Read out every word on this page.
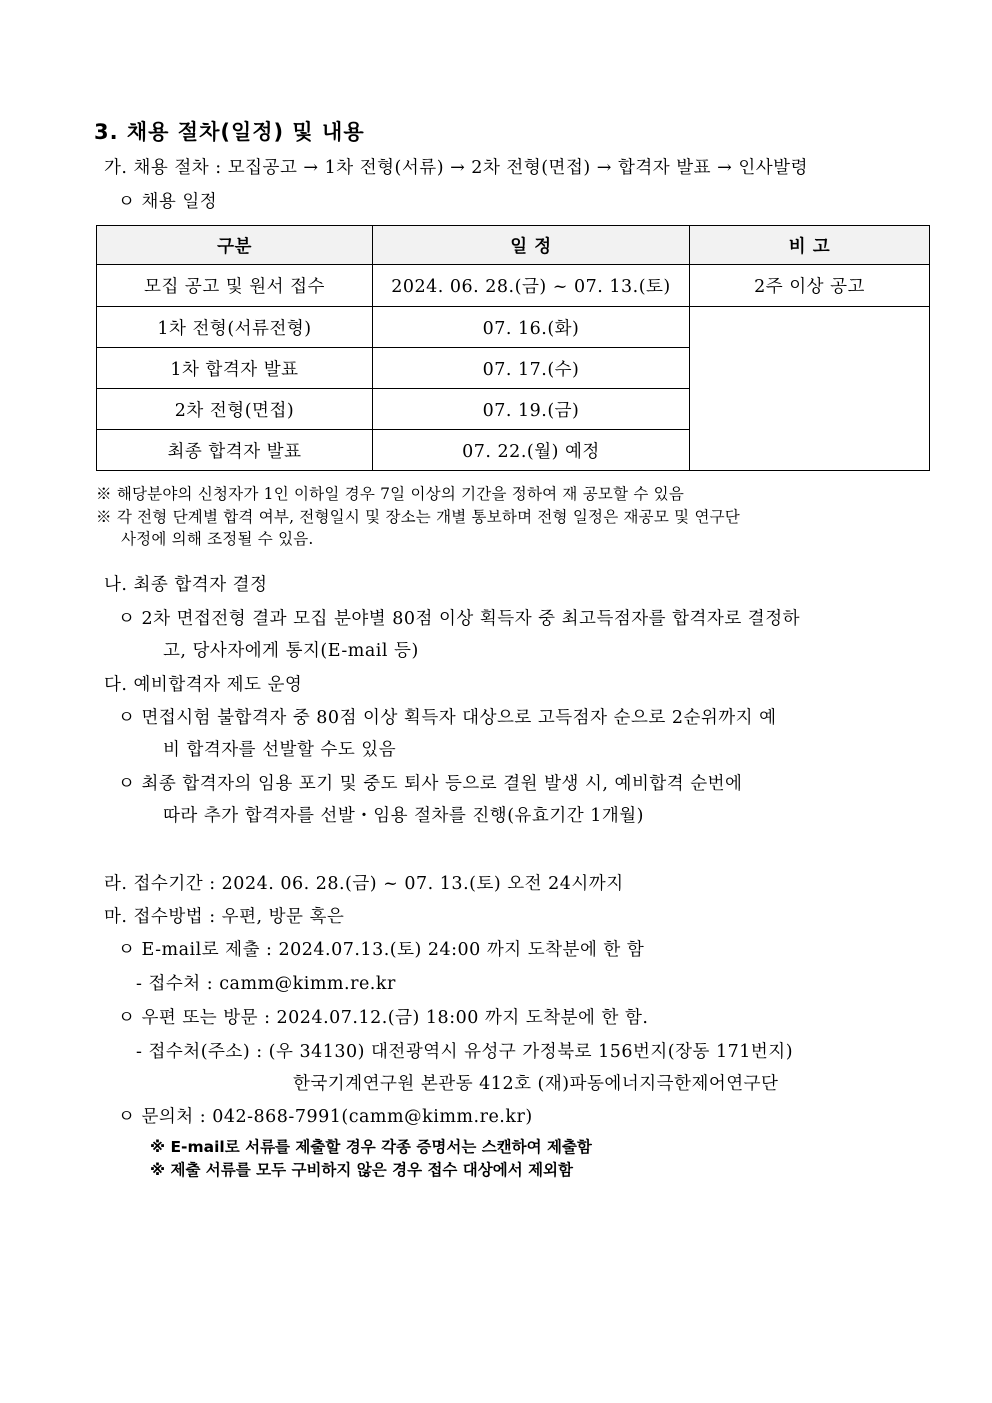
3. 채용 절차(일정) 및 내용
가. 채용 절차 : 모집공고 → 1차 전형(서류) → 2차 전형(면접) → 합격자 발표 → 인사발령
ㅇ 채용 일정
구분	일 정	비 고
모집 공고 및 원서 접수	2024. 06. 28.(금) ~ 07. 13.(토)	2주 이상 공고
1차 전형(서류전형)	07. 16.(화)	
1차 합격자 발표	07. 17.(수)	
2차 전형(면접)	07. 19.(금)	
최종 합격자 발표	07. 22.(월) 예정	
※ 해당분야의 신청자가 1인 이하일 경우 7일 이상의 기간을 정하여 재 공모할 수 있음
※ 각 전형 단계별 합격 여부, 전형일시 및 장소는 개별 통보하며 전형 일정은 재공모 및 연구단
사정에 의해 조정될 수 있음.
나. 최종 합격자 결정
ㅇ 2차 면접전형 결과 모집 분야별 80점 이상 획득자 중 최고득점자를 합격자로 결정하
고, 당사자에게 통지(E-mail 등)
다. 예비합격자 제도 운영
ㅇ 면접시험 불합격자 중 80점 이상 획득자 대상으로 고득점자 순으로 2순위까지 예
비 합격자를 선발할 수도 있음
ㅇ 최종 합격자의 임용 포기 및 중도 퇴사 등으로 결원 발생 시, 예비합격 순번에
따라 추가 합격자를 선발・임용 절차를 진행(유효기간 1개월)
라. 접수기간 : 2024. 06. 28.(금) ~ 07. 13.(토) 오전 24시까지
마. 접수방법 : 우편, 방문 혹은
ㅇ E-mail로 제출 : 2024.07.13.(토) 24:00 까지 도착분에 한 함
- 접수처 : camm@kimm.re.kr
ㅇ 우편 또는 방문 : 2024.07.12.(금) 18:00 까지 도착분에 한 함.
- 접수처(주소) : (우 34130) 대전광역시 유성구 가정북로 156번지(장동 171번지)
한국기계연구원 본관동 412호 (재)파동에너지극한제어연구단
ㅇ 문의처 : 042-868-7991(camm@kimm.re.kr)
※ E-mail로 서류를 제출할 경우 각종 증명서는 스캔하여 제출함
※ 제출 서류를 모두 구비하지 않은 경우 접수 대상에서 제외함
